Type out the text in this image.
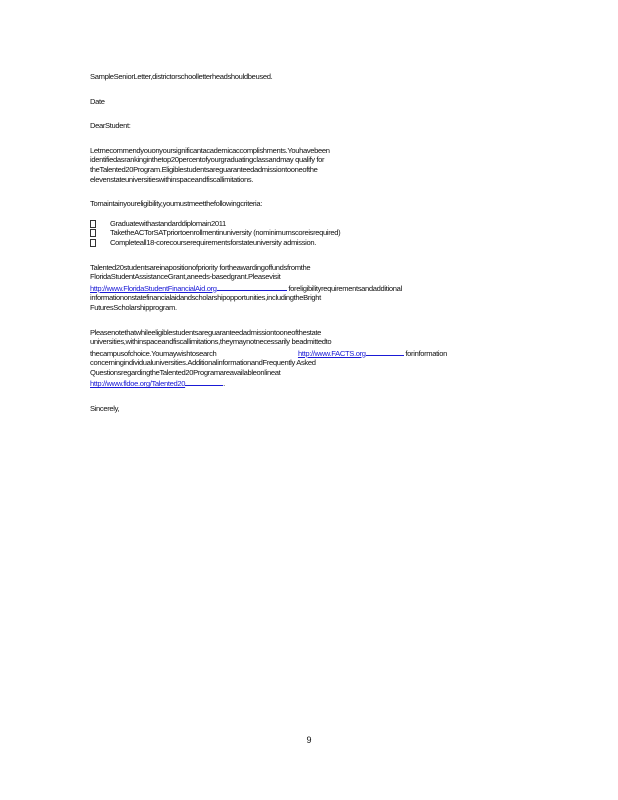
SampleSeniorLetter,districtorschoolletterheadshouldbeused.

Date

DearStudent:

Letmecommendyouonyoursignificantacademicaccomplishments.Youhavebeen
identifiedasrankinginthetop20percentofyourgraduatingclassandmay qualify for
theTalented20Program.Eligiblestudentsareguaranteedadmissiontooneofthe
elevenstateuniversitieswithinspaceandfiscallimitations.

Tomaintainyoureligibility,youmustmeetthefollowingcriteria:

Graduatewithastandarddiplomain2011
TaketheACTorSATpriortoenrollmentinuniversity (nominimumscoreisrequired)
Completeall18-corecourserequirementsforstateuniversity admission.
Talented20studentsareinapositionofpriority fortheawardingoffundsfromthe
FloridaStudentAssistanceGrant,aneeds-basedgrant.Pleasevisit
http://www.FloridaStudentFinancialAid.org	foreligibilityrequirementsandadditional
informationonstatefinancialaidandscholarshipopportunities,includingtheBright
FuturesScholarshipprogram.
Pleasenotethatwhileeligiblestudentsareguaranteedadmissiontooneofthestate
universities,withinspaceandfiscallimitations,theymaynotnecessarily beadmittedto
thecampusofchoice.Youmaywishtosearch	http://www.FACTS.org	forinformation
concerningindividualuniversities.AdditionalinformationandFrequently Asked
QuestionsregardingtheTalented20Programareavailableonlineat
http://www.fldoe.org/Talented20	.

Sincerely,

9
